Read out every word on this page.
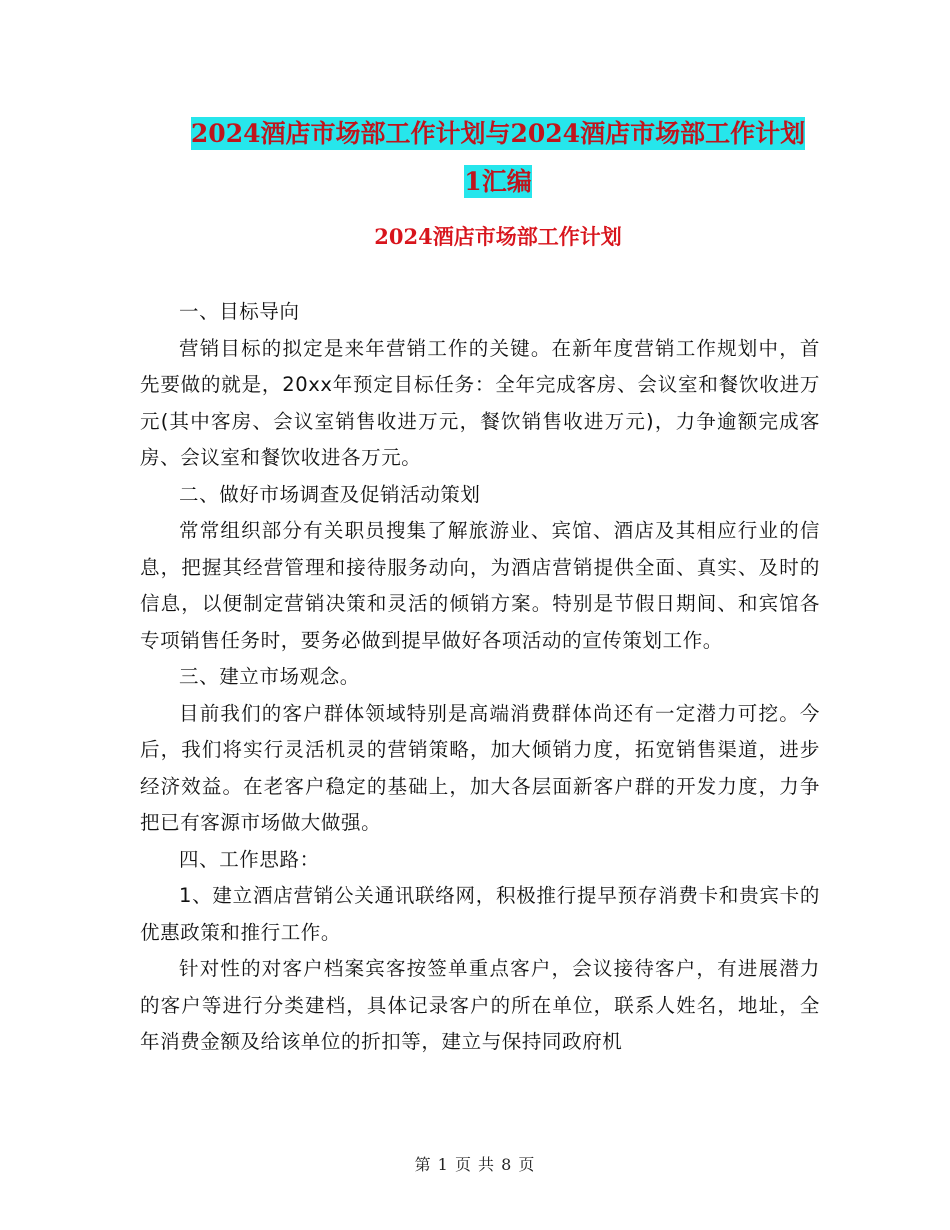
2024酒店市场部工作计划与2024酒店市场部工作计划
1汇编
2024酒店市场部工作计划

一、目标导向

营销目标的拟定是来年营销工作的关键。在新年度营销工作规划中，首先要做的就是，20xx年预定目标任务：全年完成客房、会议室和餐饮收进万元(其中客房、会议室销售收进万元，餐饮销售收进万元)，力争逾额完成客房、会议室和餐饮收进各万元。

二、做好市场调查及促销活动策划

常常组织部分有关职员搜集了解旅游业、宾馆、酒店及其相应行业的信息，把握其经营管理和接待服务动向，为酒店营销提供全面、真实、及时的信息，以便制定营销决策和灵活的倾销方案。特别是节假日期间、和宾馆各专项销售任务时，要务必做到提早做好各项活动的宣传策划工作。

三、建立市场观念。

目前我们的客户群体领域特别是高端消费群体尚还有一定潜力可挖。今后，我们将实行灵活机灵的营销策略，加大倾销力度，拓宽销售渠道，进步经济效益。在老客户稳定的基础上，加大各层面新客户群的开发力度，力争把已有客源市场做大做强。

四、工作思路：

1、建立酒店营销公关通讯联络网，积极推行提早预存消费卡和贵宾卡的优惠政策和推行工作。

针对性的对客户档案宾客按签单重点客户，会议接待客户，有进展潜力的客户等进行分类建档，具体记录客户的所在单位，联系人姓名，地址，全年消费金额及给该单位的折扣等，建立与保持同政府机

第 1 页 共 8 页
